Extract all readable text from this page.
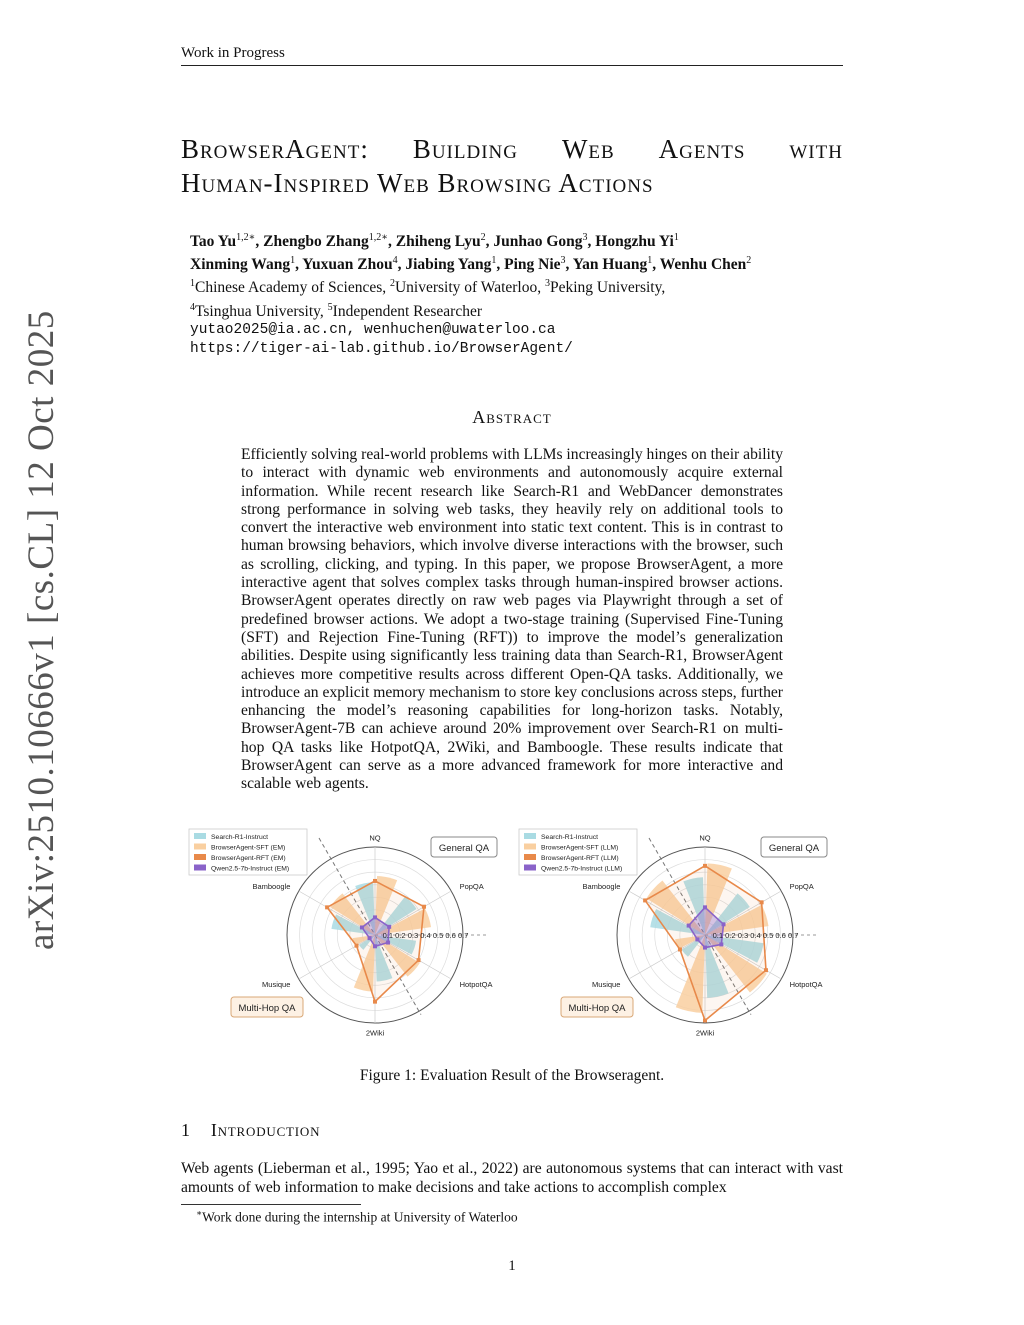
Work in Progress
arXiv:2510.10666v1 [cs.CL] 12 Oct 2025
BrowserAgent: Building Web Agents with
Human-Inspired Web Browsing Actions
Tao $Yu^{1,2∗}$, Zhengbo Zhang$^{1,2∗}$, Zhiheng Lyu$^2$, Junhao Gong$^3$, Hongzhu Yi$^1$
Xinming Wang$^1$, Yuxuan Zhou$^4$, Jiabing Yang$^1$, Ping Nie$^3$, Yan Huang$^1$, Wenhu Chen$^2$
$^1$Chinese Academy of Sciences, $^2$University of Waterloo, $^3$Peking University,
$^4$Tsinghua University, $^5$Independent Researcher
yutao2025@ia.ac.cn, wenhuchen@uwaterloo.ca
https://tiger-ai-lab.github.io/BrowserAgent/
Abstract
Efficiently solving real-world problems with LLMs increasingly hinges on their ability to interact with dynamic web environments and autonomously acquire external information. While recent research like Search-R1 and WebDancer demonstrates strong performance in solving web tasks, they heavily rely on additional tools to convert the interactive web environment into static text content. This is in contrast to human browsing behaviors, which involve diverse interactions with the browser, such as scrolling, clicking, and typing. In this paper, we propose BrowserAgent, a more interactive agent that solves complex tasks through human-inspired browser actions. BrowserAgent operates directly on raw web pages via Playwright through a set of predefined browser actions. We adopt a two-stage training (Supervised Fine-Tuning (SFT) and Rejection Fine-Tuning (RFT)) to improve the model’s generalization abilities. Despite using significantly less training data than Search-R1, BrowserAgent achieves more competitive results across different Open-QA tasks. Additionally, we introduce an explicit memory mechanism to store key conclusions across steps, further enhancing the model’s reasoning capabilities for long-horizon tasks. Notably, BrowserAgent-7B can achieve around 20% improvement over Search-R1 on multi-hop QA tasks like HotpotQA, 2Wiki, and Bamboogle. These results indicate that BrowserAgent can serve as a more advanced framework for more interactive and scalable web agents.
0.1 0.2 0.3 0.4 0.5 0.6 0.7
NQ
PopQA
HotpotQA
2Wiki
Musique
Bamboogle
General QA
Multi-Hop QA
Search-R1-Instruct
BrowserAgent-SFT (EM)
BrowserAgent-RFT (EM)
Qwen2.5-7b-Instruct (EM)
0.1 0.2 0.3 0.4 0.5 0.6 0.7
NQ
PopQA
HotpotQA
2Wiki
Musique
Bamboogle
General QA
Multi-Hop QA
Search-R1-Instruct
BrowserAgent-SFT (LLM)
BrowserAgent-RFT (LLM)
Qwen2.5-7b-Instruct (LLM)
Figure 1: Evaluation Result of the Browseragent.
1 Introduction
Web agents (Lieberman et al., 1995; Yao et al., 2022) are autonomous systems that can interact with vast amounts of web information to make decisions and take actions to accomplish complex
∗Work done during the internship at University of Waterloo
1
